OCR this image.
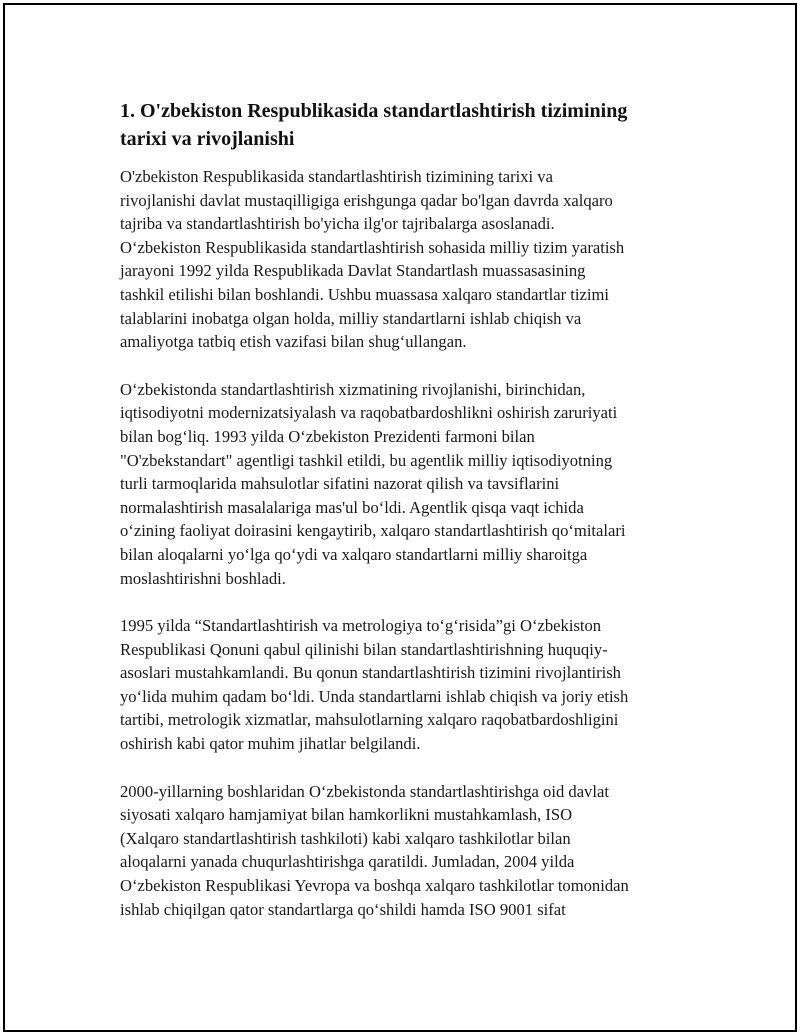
1. O'zbekiston Respublikasida standartlashtirish tizimining
tarixi va rivojlanishi

O'zbekiston Respublikasida standartlashtirish tizimining tarixi va
rivojlanishi davlat mustaqilligiga erishgunga qadar bo'lgan davrda xalqaro
tajriba va standartlashtirish bo'yicha ilg'or tajribalarga asoslanadi.
O‘zbekiston Respublikasida standartlashtirish sohasida milliy tizim yaratish
jarayoni 1992 yilda Respublikada Davlat Standartlash muassasasining
tashkil etilishi bilan boshlandi. Ushbu muassasa xalqaro standartlar tizimi
talablarini inobatga olgan holda, milliy standartlarni ishlab chiqish va
amaliyotga tatbiq etish vazifasi bilan shug‘ullangan.

O‘zbekistonda standartlashtirish xizmatining rivojlanishi, birinchidan,
iqtisodiyotni modernizatsiyalash va raqobatbardoshlikni oshirish zaruriyati
bilan bog‘liq. 1993 yilda O‘zbekiston Prezidenti farmoni bilan
"O'zbekstandart" agentligi tashkil etildi, bu agentlik milliy iqtisodiyotning
turli tarmoqlarida mahsulotlar sifatini nazorat qilish va tavsiflarini
normalashtirish masalalariga mas'ul bo‘ldi. Agentlik qisqa vaqt ichida
o‘zining faoliyat doirasini kengaytirib, xalqaro standartlashtirish qo‘mitalari
bilan aloqalarni yo‘lga qo‘ydi va xalqaro standartlarni milliy sharoitga
moslashtirishni boshladi.

1995 yilda “Standartlashtirish va metrologiya to‘g‘risida”gi O‘zbekiston
Respublikasi Qonuni qabul qilinishi bilan standartlashtirishning huquqiy-
asoslari mustahkamlandi. Bu qonun standartlashtirish tizimini rivojlantirish
yo‘lida muhim qadam bo‘ldi. Unda standartlarni ishlab chiqish va joriy etish
tartibi, metrologik xizmatlar, mahsulotlarning xalqaro raqobatbardoshligini
oshirish kabi qator muhim jihatlar belgilandi.

2000-yillarning boshlaridan O‘zbekistonda standartlashtirishga oid davlat
siyosati xalqaro hamjamiyat bilan hamkorlikni mustahkamlash, ISO
(Xalqaro standartlashtirish tashkiloti) kabi xalqaro tashkilotlar bilan
aloqalarni yanada chuqurlashtirishga qaratildi. Jumladan, 2004 yilda
O‘zbekiston Respublikasi Yevropa va boshqa xalqaro tashkilotlar tomonidan
ishlab chiqilgan qator standartlarga qo‘shildi hamda ISO 9001 sifat
